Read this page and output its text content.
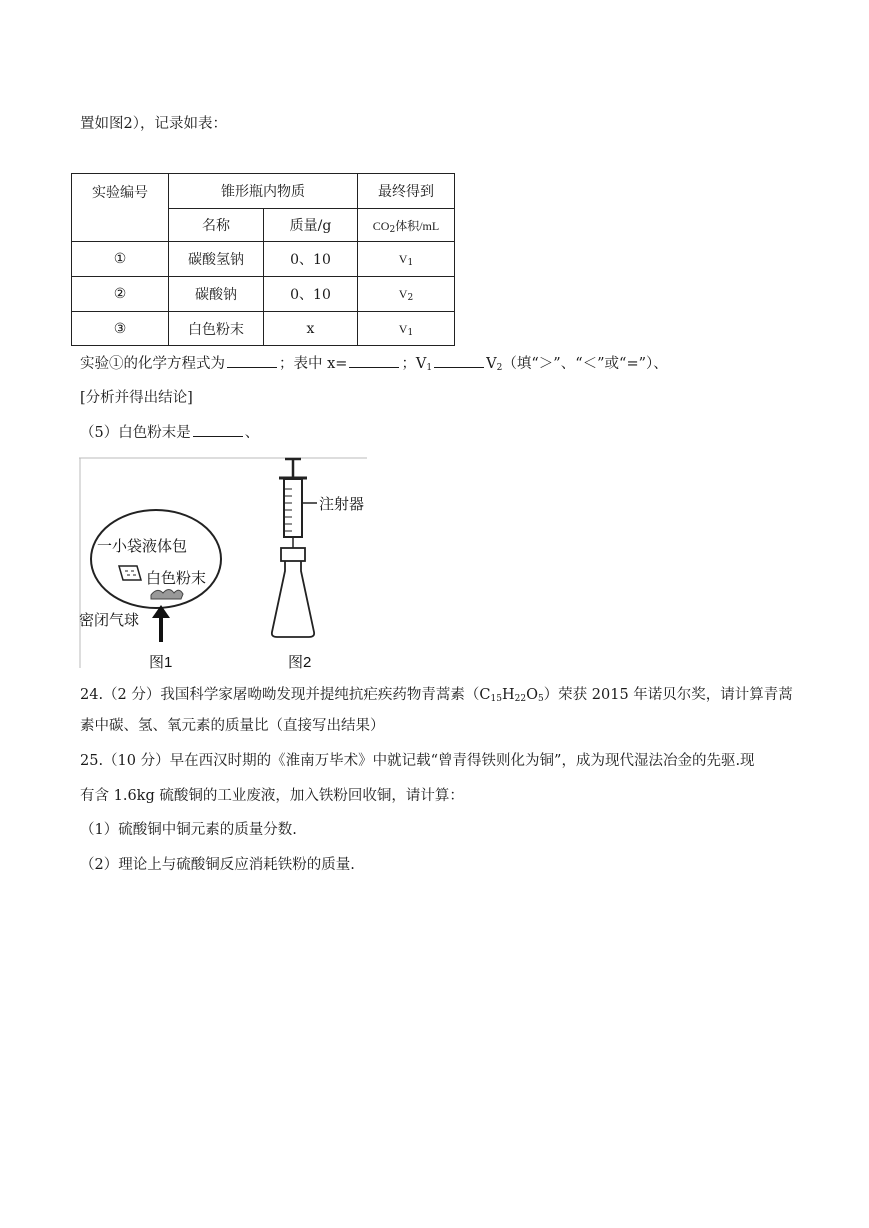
置如图2），记录如表：
实验编号	锥形瓶内物质		最终得到
	名称	质量/g	$CO_2$体积/mL
①	碳酸氢钠	0、10	$V_1$
②	碳酸钠	0、10	$V_2$
③	白色粉末	x	$V_1$
实验①的化学方程式为	；表中 x=	；$V_1$	$V_2$（填“＞”、“＜”或“=”）、
[分析并得出结论]
（5）白色粉末是	、
一小袋液体包
白色粉末
密闭气球
图1
注射器
图2
24.（2 分）我国科学家屠呦呦发现并提纯抗疟疾药物青蒿素$(C_{15}H_{22}O_5)$荣获 2015 年诺贝尔奖，请计算青蒿
素中碳、氢、氧元素的质量比（直接写出结果）
25.（10 分）早在西汉时期的《淮南万毕术》中就记载“曾青得铁则化为铜”，成为现代湿法冶金的先驱.现
有含 1.6kg 硫酸铜的工业废液，加入铁粉回收铜，请计算：
（1）硫酸铜中铜元素的质量分数.
（2）理论上与硫酸铜反应消耗铁粉的质量.
